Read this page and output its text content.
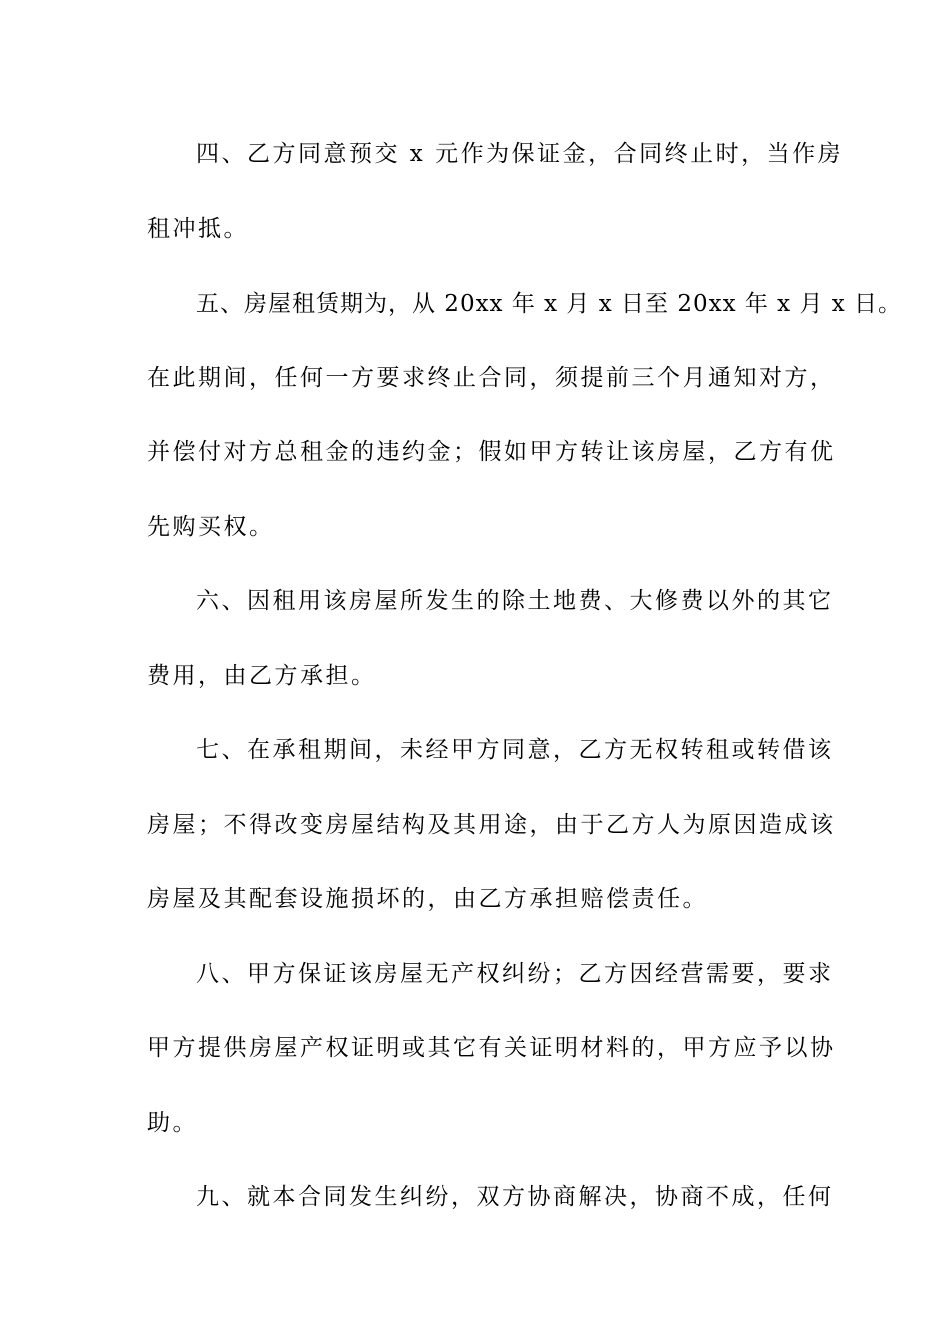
四、乙方同意预交 x 元作为保证金，合同终止时，当作房
租冲抵。
五、房屋租赁期为，从 20xx 年 x 月 x 日至 20xx 年 x 月 x 日。
在此期间，任何一方要求终止合同，须提前三个月通知对方，
并偿付对方总租金的违约金；假如甲方转让该房屋，乙方有优
先购买权。
六、因租用该房屋所发生的除土地费、大修费以外的其它
费用，由乙方承担。
七、在承租期间，未经甲方同意，乙方无权转租或转借该
房屋；不得改变房屋结构及其用途，由于乙方人为原因造成该
房屋及其配套设施损坏的，由乙方承担赔偿责任。
八、甲方保证该房屋无产权纠纷；乙方因经营需要，要求
甲方提供房屋产权证明或其它有关证明材料的，甲方应予以协
助。
九、就本合同发生纠纷，双方协商解决，协商不成，任何
